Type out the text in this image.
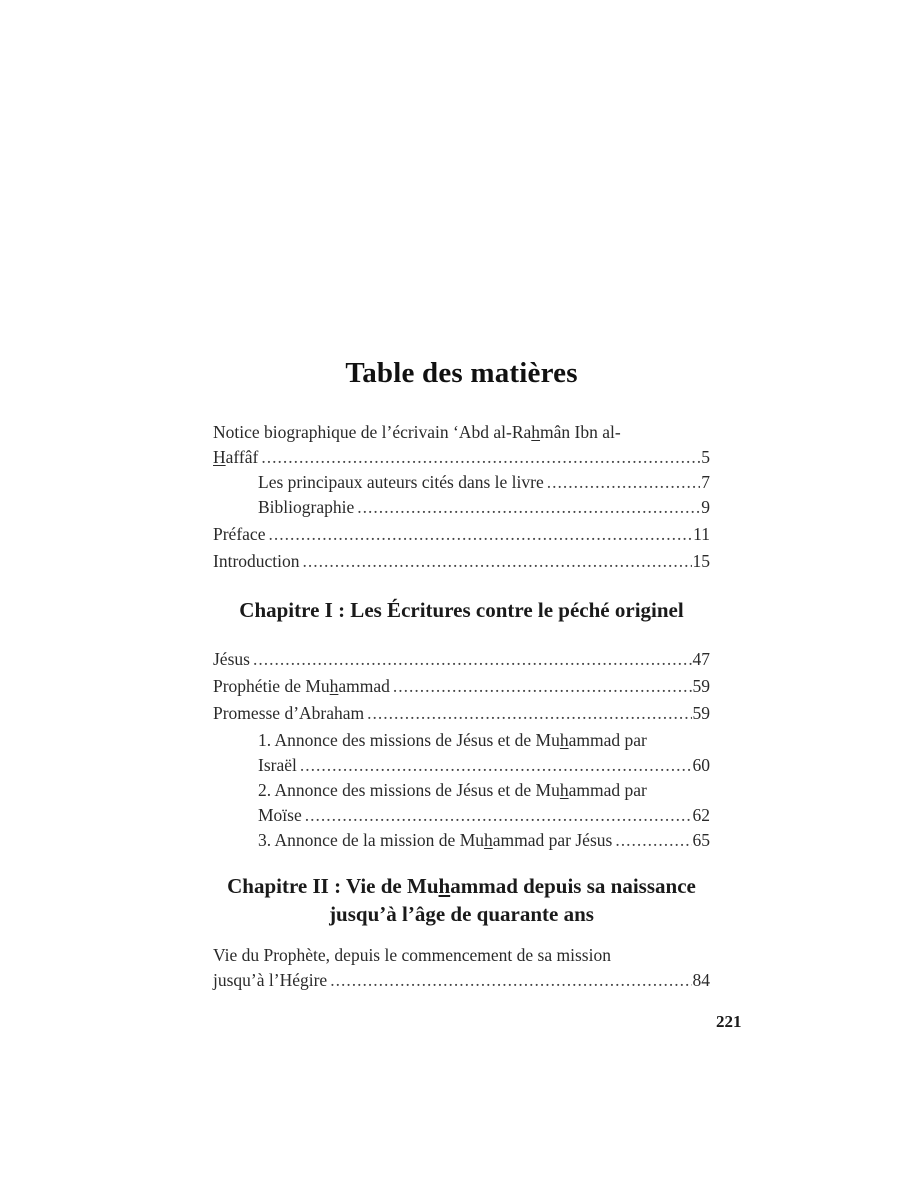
Table des matières
Notice biographique de l’écrivain ‘Abd al-Rahmân Ibn al-
Haffâf .....	5
Les principaux auteurs cités dans le livre .....	7
Bibliographie .....	9
Préface .....	11
Introduction .....	15
Chapitre I : Les Écritures contre le péché originel
Jésus .....	47
Prophétie de Muhammad .....	59
Promesse d’Abraham .....	59
1. Annonce des missions de Jésus et de Muhammad par
Israël .....	60
2. Annonce des missions de Jésus et de Muhammad par
Moïse .....	62
3. Annonce de la mission de Muhammad par Jésus .....	65
Chapitre II : Vie de Muhammad depuis sa naissance
jusqu’à l’âge de quarante ans
Vie du Prophète, depuis le commencement de sa mission
jusqu’à l’Hégire .....	84
221
